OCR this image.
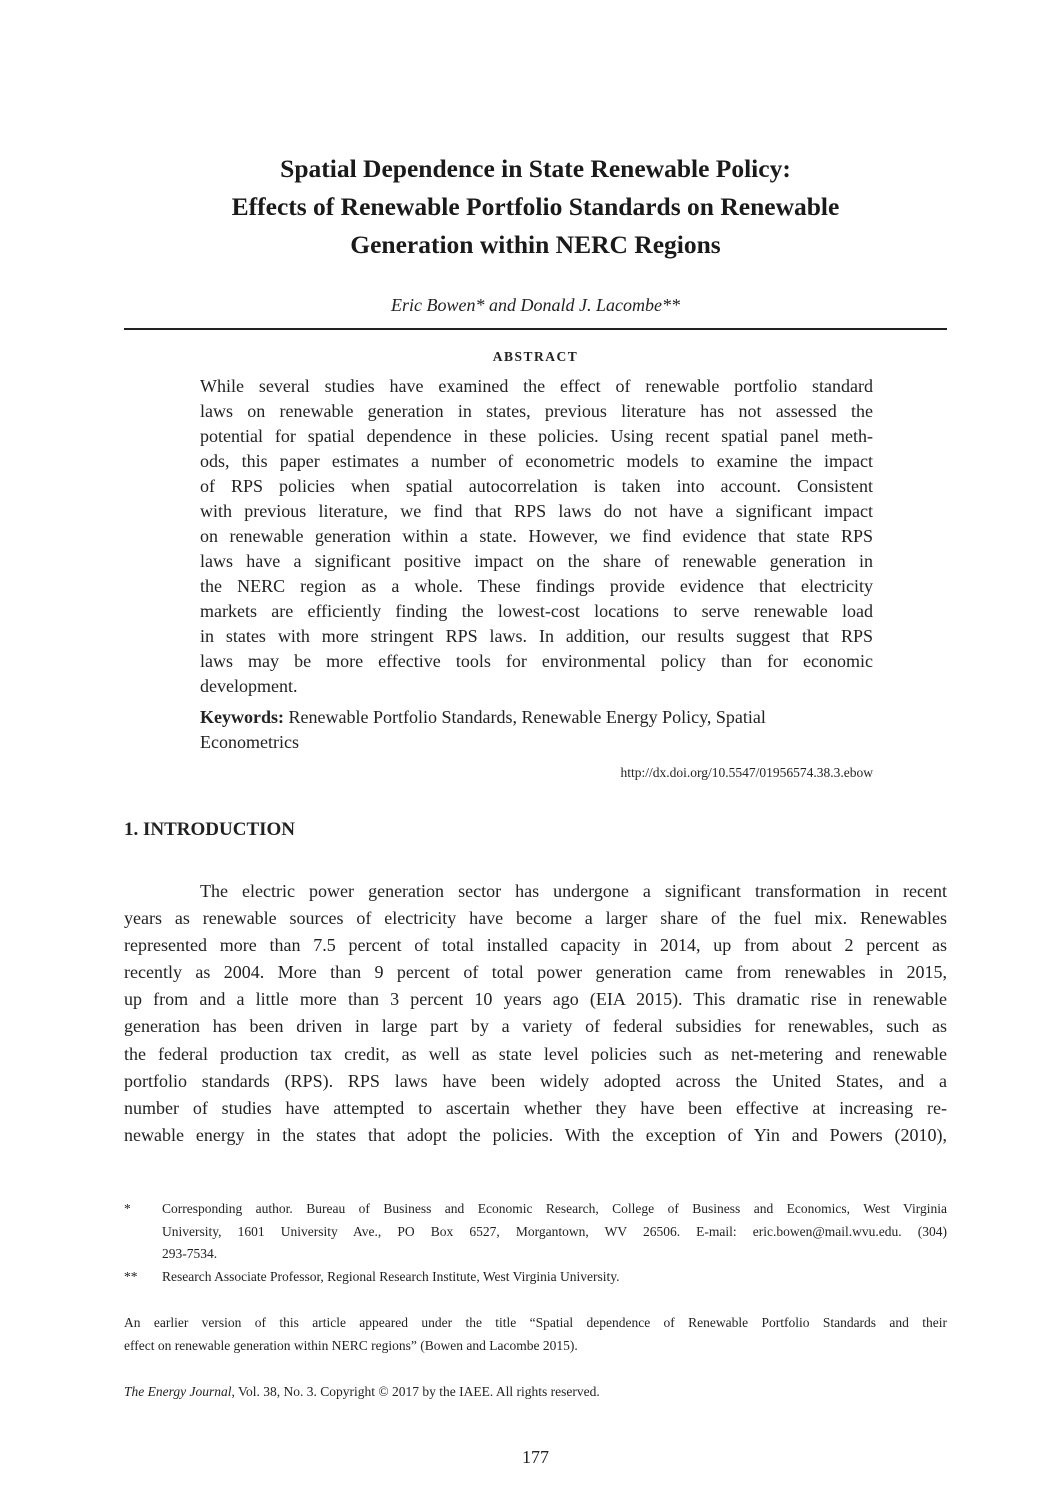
Spatial Dependence in State Renewable Policy:
Effects of Renewable Portfolio Standards on Renewable
Generation within NERC Regions
Eric Bowen* and Donald J. Lacombe**
ABSTRACT
While several studies have examined the effect of renewable portfolio standard
laws on renewable generation in states, previous literature has not assessed the
potential for spatial dependence in these policies. Using recent spatial panel meth-
ods, this paper estimates a number of econometric models to examine the impact
of RPS policies when spatial autocorrelation is taken into account. Consistent
with previous literature, we find that RPS laws do not have a significant impact
on renewable generation within a state. However, we find evidence that state RPS
laws have a significant positive impact on the share of renewable generation in
the NERC region as a whole. These findings provide evidence that electricity
markets are efficiently finding the lowest-cost locations to serve renewable load
in states with more stringent RPS laws. In addition, our results suggest that RPS
laws may be more effective tools for environmental policy than for economic
development.
Keywords: Renewable Portfolio Standards, Renewable Energy Policy, Spatial
Econometrics
http://dx.doi.org/10.5547/01956574.38.3.ebow
1. INTRODUCTION
The electric power generation sector has undergone a significant transformation in recent
years as renewable sources of electricity have become a larger share of the fuel mix. Renewables
represented more than 7.5 percent of total installed capacity in 2014, up from about 2 percent as
recently as 2004. More than 9 percent of total power generation came from renewables in 2015,
up from and a little more than 3 percent 10 years ago (EIA 2015). This dramatic rise in renewable
generation has been driven in large part by a variety of federal subsidies for renewables, such as
the federal production tax credit, as well as state level policies such as net-metering and renewable
portfolio standards (RPS). RPS laws have been widely adopted across the United States, and a
number of studies have attempted to ascertain whether they have been effective at increasing re-
newable energy in the states that adopt the policies. With the exception of Yin and Powers (2010),
* Corresponding author. Bureau of Business and Economic Research, College of Business and Economics, West Virginia
University, 1601 University Ave., PO Box 6527, Morgantown, WV 26506. E-mail: eric.bowen@mail.wvu.edu. (304)
293-7534.
** Research Associate Professor, Regional Research Institute, West Virginia University.
An earlier version of this article appeared under the title “Spatial dependence of Renewable Portfolio Standards and their
effect on renewable generation within NERC regions” (Bowen and Lacombe 2015).
The Energy Journal, Vol. 38, No. 3. Copyright © 2017 by the IAEE. All rights reserved.
177
